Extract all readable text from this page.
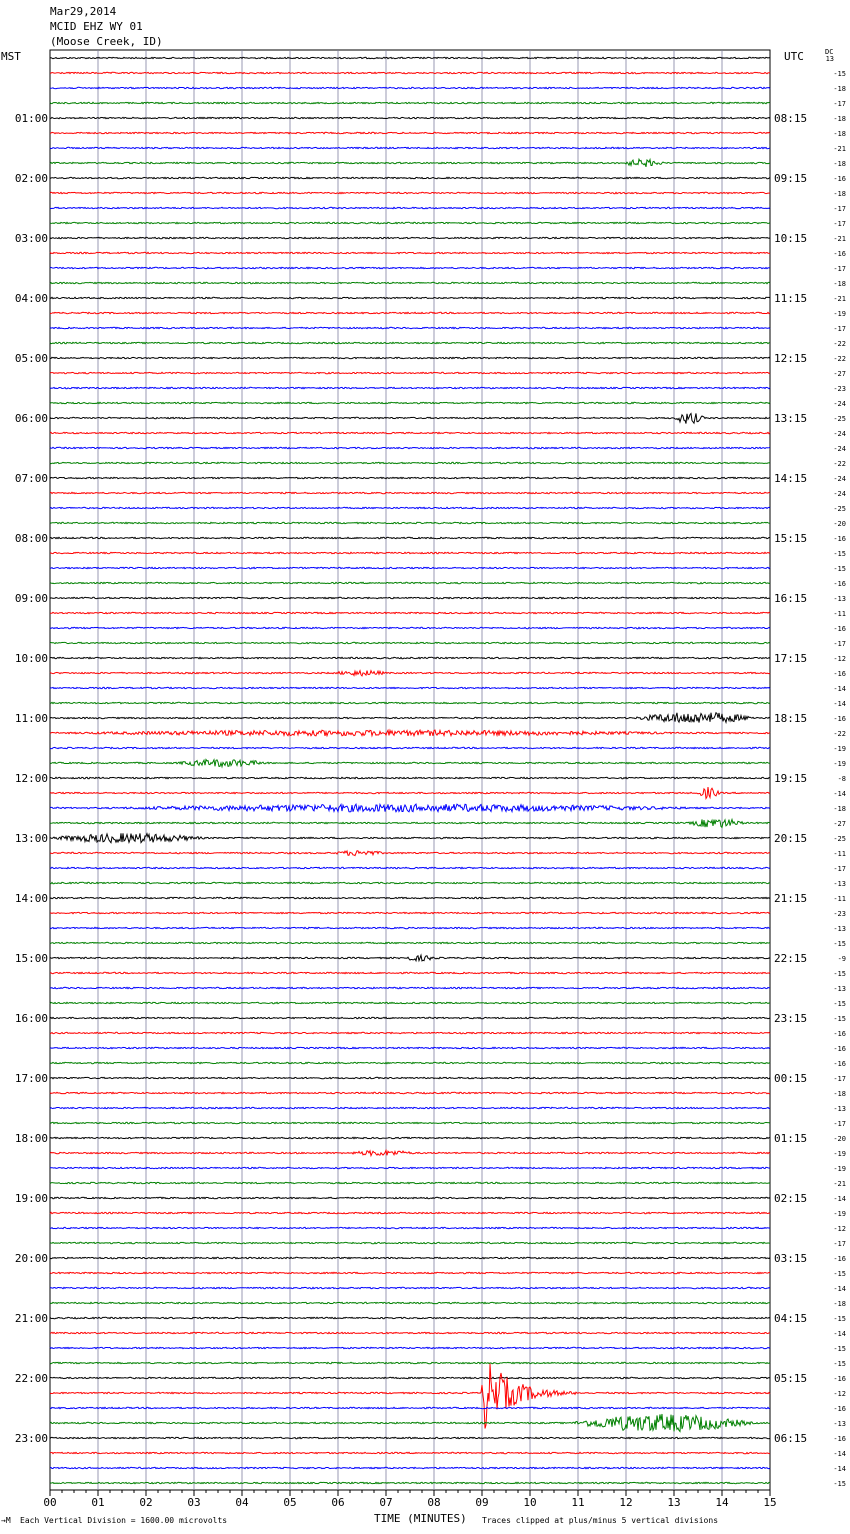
Mar29,2014
MCID EHZ WY 01
(Moose Creek, ID)
MST	UTC	DC
13
-15
-18
-17
-18
-18
-21
-18
-16
-18
-17
-17
-21
-16
-17
-18
-21
-19
-17
-22
-22
-27
-23
-24
-25
-24
-24
-22
-24
-24
-25
-20
-16
-15
-15
-16
-13
-11
-16
-17
-12
-16
-14
-14
-16
-22
-19
-19
-8
-14
-18
-27
-25
-11
-17
-13
-11
-23
-13
-15
-9
-15
-13
-15
-15
-16
-16
-16
-17
-18
-13
-17
-20
-19
-19
-21
-14
-19
-12
-17
-16
-15
-14
-18
-15
-14
-15
-15
-16
-12
-16
-13
-16
-14
-14
-15
01:00
02:00
03:00
04:00
05:00
06:00
07:00
08:00
09:00
10:00
11:00
12:00
13:00
14:00
15:00
16:00
17:00
18:00
19:00
20:00
21:00
22:00
23:00
08:15
09:15
10:15
11:15
12:15
13:15
14:15
15:15
16:15
17:15
18:15
19:15
20:15
21:15
22:15
23:15
00:15
01:15
02:15
03:15
04:15
05:15
06:15
00	01	02	03	04	05	06	07	08	09	10	11	12	13	14	15
TIME (MINUTES)
→M Each Vertical Division = 1600.00 microvolts	Traces clipped at plus/minus 5 vertical divisions
